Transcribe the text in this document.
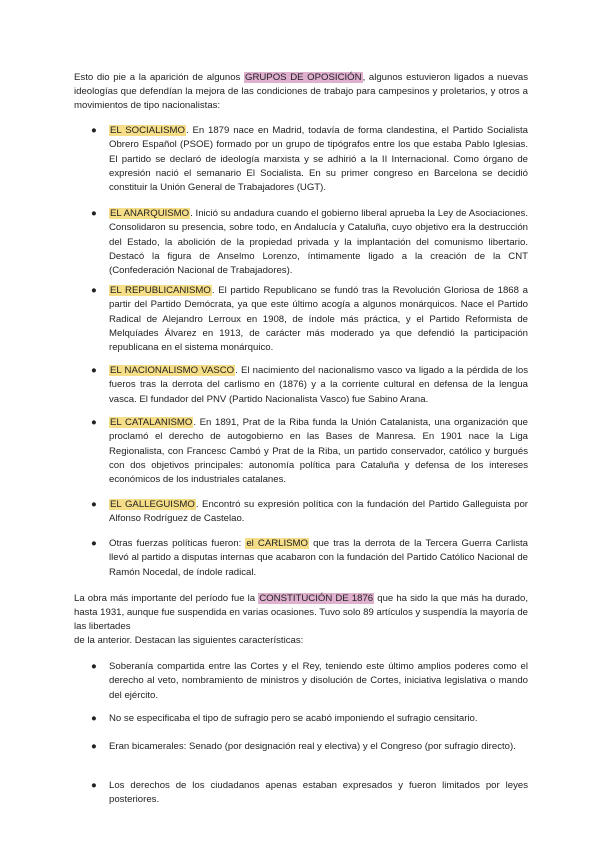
Esto dio pie a la aparición de algunos GRUPOS DE OPOSICIÓN, algunos estuvieron ligados a nuevas ideologías que defendían la mejora de las condiciones de trabajo para campesinos y proletarios, y otros a movimientos de tipo nacionalistas:

● EL SOCIALISMO. En 1879 nace en Madrid, todavía de forma clandestina, el Partido Socialista Obrero Español (PSOE) formado por un grupo de tipógrafos entre los que estaba Pablo Iglesias. El partido se declaró de ideología marxista y se adhirió a la II Internacional. Como órgano de expresión nació el semanario El Socialista. En su primer congreso en Barcelona se decidió constituir la Unión General de Trabajadores (UGT).

● EL ANARQUISMO. Inició su andadura cuando el gobierno liberal aprueba la Ley de Asociaciones. Consolidaron su presencia, sobre todo, en Andalucía y Cataluña, cuyo objetivo era la destrucción del Estado, la abolición de la propiedad privada y la implantación del comunismo libertario. Destacó la figura de Anselmo Lorenzo, íntimamente ligado a la creación de la CNT (Confederación Nacional de Trabajadores).

● EL REPUBLICANISMO. El partido Republicano se fundó tras la Revolución Gloriosa de 1868 a partir del Partido Demócrata, ya que este último acogía a algunos monárquicos. Nace el Partido Radical de Alejandro Lerroux en 1908, de índole más práctica, y el Partido Reformista de Melquíades Álvarez en 1913, de carácter más moderado ya que defendió la participación republicana en el sistema monárquico.

● EL NACIONALISMO VASCO. El nacimiento del nacionalismo vasco va ligado a la pérdida de los fueros tras la derrota del carlismo en (1876) y a la corriente cultural en defensa de la lengua vasca. El fundador del PNV (Partido Nacionalista Vasco) fue Sabino Arana.

● EL CATALANISMO. En 1891, Prat de la Riba funda la Unión Catalanista, una organización que proclamó el derecho de autogobierno en las Bases de Manresa. En 1901 nace la Liga Regionalista, con Francesc Cambó y Prat de la Riba, un partido conservador, católico y burgués con dos objetivos principales: autonomía política para Cataluña y defensa de los intereses económicos de los industriales catalanes.

● EL GALLEGUISMO. Encontró su expresión política con la fundación del Partido Galleguista por Alfonso Rodríguez de Castelao.

● Otras fuerzas políticas fueron: el CARLISMO que tras la derrota de la Tercera Guerra Carlista llevó al partido a disputas internas que acabaron con la fundación del Partido Católico Nacional de Ramón Nocedal, de índole radical.

La obra más importante del período fue la CONSTITUCIÓN DE 1876 que ha sido la que más ha durado, hasta 1931, aunque fue suspendida en varias ocasiones. Tuvo solo 89 artículos y suspendía la mayoría de las libertades

de la anterior. Destacan las siguientes características:

● Soberanía compartida entre las Cortes y el Rey, teniendo este último amplios poderes como el derecho al veto, nombramiento de ministros y disolución de Cortes, iniciativa legislativa o mando del ejército.

● No se especificaba el tipo de sufragio pero se acabó imponiendo el sufragio censitario.

● Eran bicamerales: Senado (por designación real y electiva) y el Congreso (por sufragio directo).

● Los derechos de los ciudadanos apenas estaban expresados y fueron limitados por leyes posteriores.
